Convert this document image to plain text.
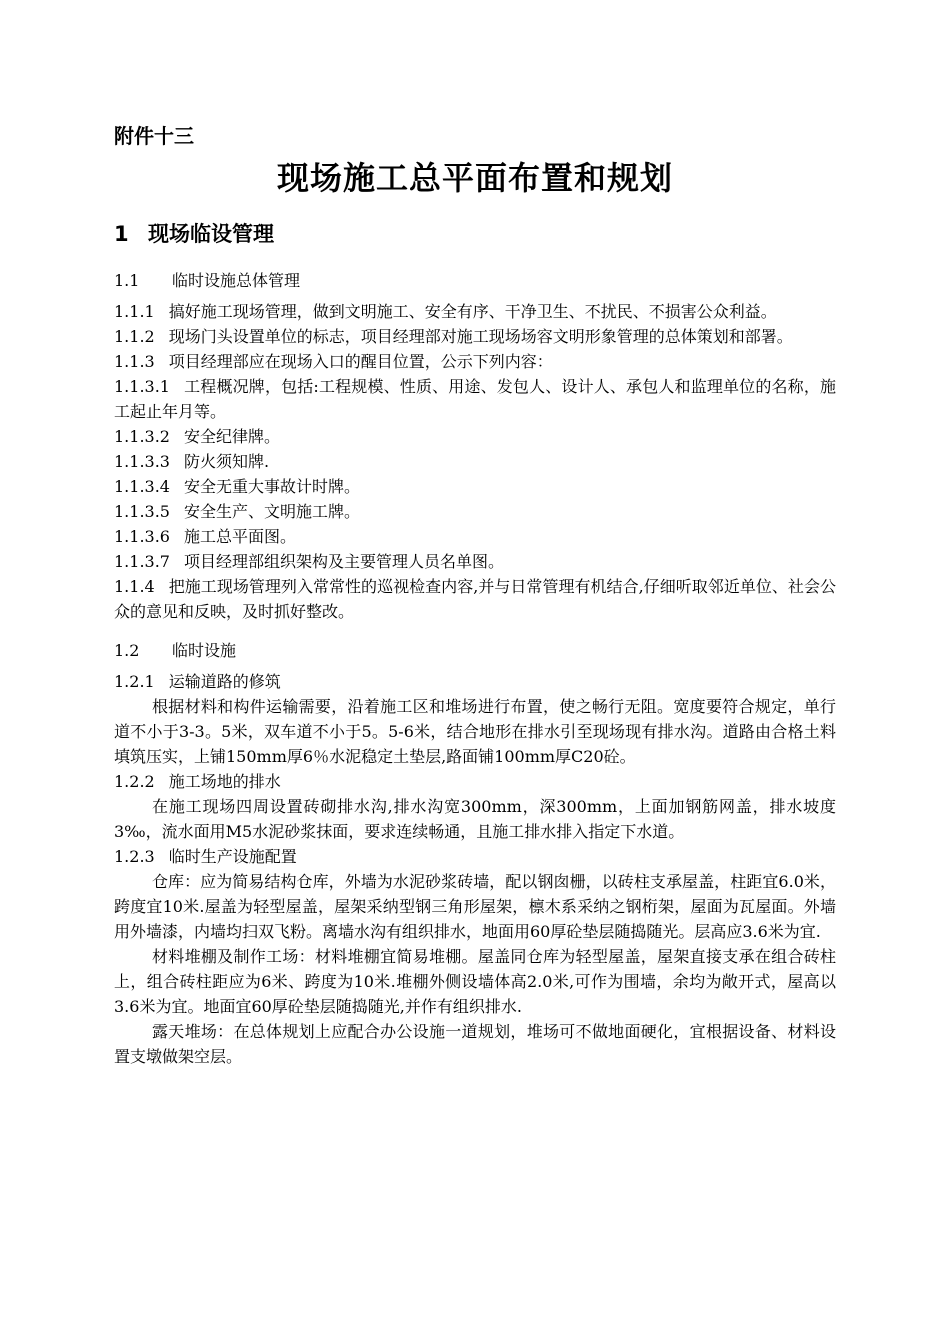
附件十三
现场施工总平面布置和规划
1 现场临设管理
1.1 临时设施总体管理
1.1.1 搞好施工现场管理，做到文明施工、安全有序、干净卫生、不扰民、不损害公众利益。
1.1.2 现场门头设置单位的标志，项目经理部对施工现场场容文明形象管理的总体策划和部署。
1.1.3 项目经理部应在现场入口的醒目位置，公示下列内容：
1.1.3.1 工程概况牌，包括:工程规模、性质、用途、发包人、设计人、承包人和监理单位的名称，施工起止年月等。
1.1.3.2 安全纪律牌。
1.1.3.3 防火须知牌.
1.1.3.4 安全无重大事故计时牌。
1.1.3.5 安全生产、文明施工牌。
1.1.3.6 施工总平面图。
1.1.3.7 项目经理部组织架构及主要管理人员名单图。
1.1.4 把施工现场管理列入常常性的巡视检查内容,并与日常管理有机结合,仔细听取邻近单位、社会公众的意见和反映，及时抓好整改。
1.2 临时设施
1.2.1 运输道路的修筑
根据材料和构件运输需要，沿着施工区和堆场进行布置，使之畅行无阻。宽度要符合规定，单行道不小于3-3。5米，双车道不小于5。5-6米，结合地形在排水引至现场现有排水沟。道路由合格土料填筑压实，上铺150mm厚6％水泥稳定土垫层,路面铺100mm厚C20砼。
1.2.2 施工场地的排水
在施工现场四周设置砖砌排水沟,排水沟宽300mm，深300mm，上面加钢筋网盖，排水坡度3‰，流水面用M5水泥砂浆抹面，要求连续畅通，且施工排水排入指定下水道。
1.2.3 临时生产设施配置
仓库：应为简易结构仓库，外墙为水泥砂浆砖墙，配以钢囱栅，以砖柱支承屋盖，柱距宜6.0米，跨度宜10米.屋盖为轻型屋盖，屋架采纳型钢三角形屋架，檩木系采纳之钢桁架，屋面为瓦屋面。外墙用外墙漆，内墙均扫双飞粉。离墙水沟有组织排水，地面用60厚砼垫层随捣随光。层高应3.6米为宜.
材料堆棚及制作工场：材料堆棚宜简易堆棚。屋盖同仓库为轻型屋盖，屋架直接支承在组合砖柱上，组合砖柱距应为6米、跨度为10米.堆棚外侧设墙体高2.0米,可作为围墙，余均为敞开式，屋高以3.6米为宜。地面宜60厚砼垫层随捣随光,并作有组织排水.
露天堆场：在总体规划上应配合办公设施一道规划，堆场可不做地面硬化，宜根据设备、材料设置支墩做架空层。
